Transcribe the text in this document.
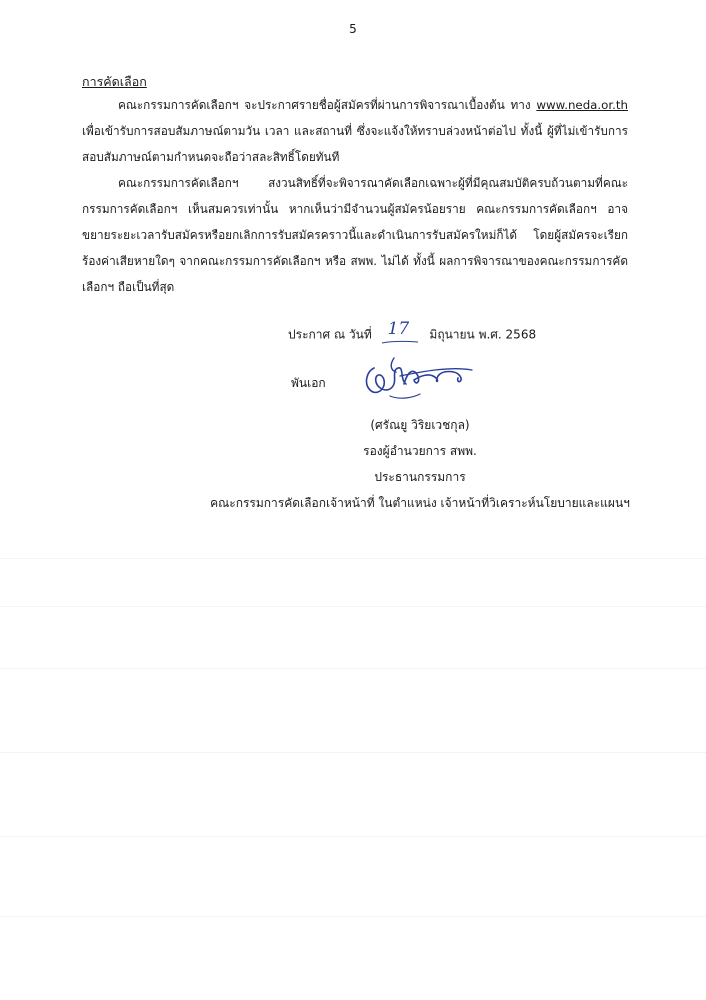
5
การคัดเลือก

คณะกรรมการคัดเลือกฯ จะประกาศรายชื่อผู้สมัครที่ผ่านการพิจารณาเบื้องต้น ทาง www.neda.or.th เพื่อเข้ารับการสอบสัมภาษณ์ตามวัน เวลา และสถานที่ ซึ่งจะแจ้งให้ทราบล่วงหน้าต่อไป ทั้งนี้ ผู้ที่ไม่เข้ารับการสอบสัมภาษณ์ตามกำหนดจะถือว่าสละสิทธิ์โดยทันที

คณะกรรมการคัดเลือกฯ สงวนสิทธิ์ที่จะพิจารณาคัดเลือกเฉพาะผู้ที่มีคุณสมบัติครบถ้วนตามที่คณะกรรมการคัดเลือกฯ เห็นสมควรเท่านั้น หากเห็นว่ามีจำนวนผู้สมัครน้อยราย คณะกรรมการคัดเลือกฯ อาจขยายระยะเวลารับสมัครหรือยกเลิกการรับสมัครคราวนี้และดำเนินการรับสมัครใหม่ก็ได้ โดยผู้สมัครจะเรียกร้องค่าเสียหายใดๆ จากคณะกรรมการคัดเลือกฯ หรือ สพพ. ไม่ได้ ทั้งนี้ ผลการพิจารณาของคณะกรรมการคัดเลือกฯ ถือเป็นที่สุด

ประกาศ ณ วันที่ 17 มิถุนายน พ.ศ. 2568
พันเอก
(ศรัณยู วิริยเวชกุล)
รองผู้อำนวยการ สพพ.
ประธานกรรมการ
คณะกรรมการคัดเลือกเจ้าหน้าที่ ในตำแหน่ง เจ้าหน้าที่วิเคราะห์นโยบายและแผนฯ
